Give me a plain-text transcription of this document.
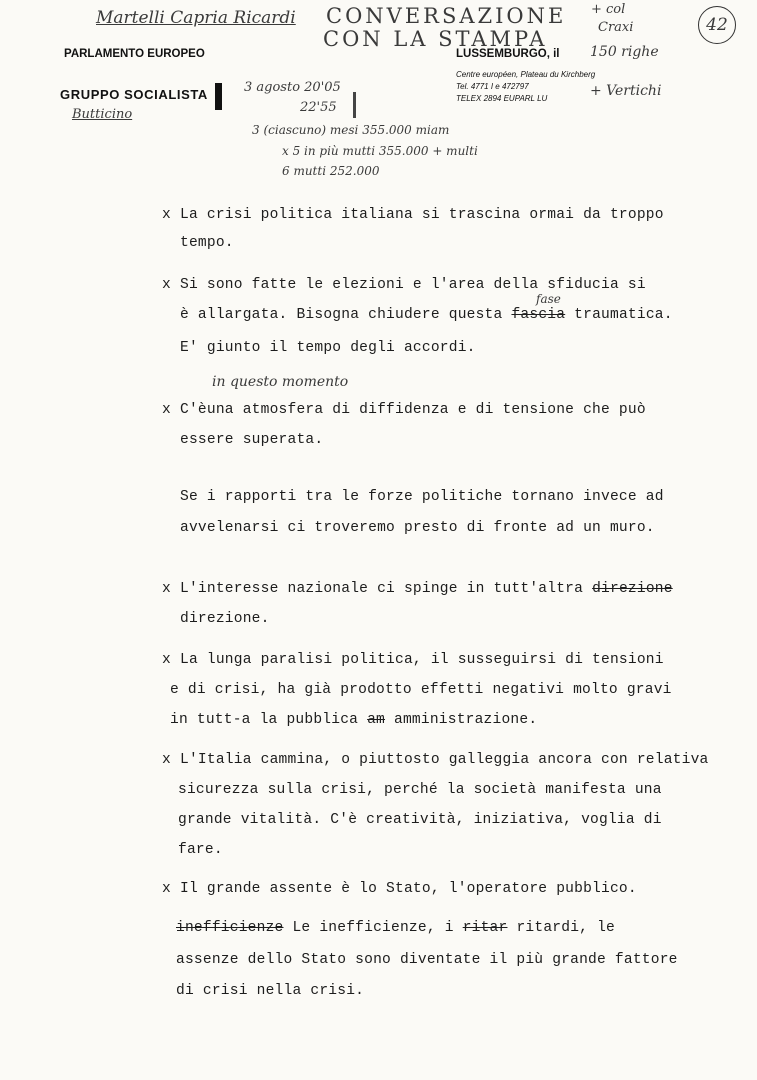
Martelli Capria Ricardi CONVERSAZIONE
CON LA STAMPA
+ col
Craxi
150 righe
42
PARLAMENTO EUROPEO
GRUPPO SOCIALISTA
LUSSEMBURGO, il
Centre européen, Plateau du Kirchberg
Tel. 4771 I e 472797
TELEX 2894 EUPARL LU	+ Vertichi
Butticino
3 agosto 20'05
22'55
3 (ciascuno) mesi 355.000 miam
x 5 in più mutti 355.000 + multi
6 mutti 252.000
x La crisi politica italiana si trascina ormai da troppo
tempo.
x Si sono fatte le elezioni e l'area della sfiducia si
fase
è allargata. Bisogna chiudere questa fascia traumatica.
E' giunto il tempo degli accordi.
in questo momento
x C'èuna atmosfera di diffidenza e di tensione che può
essere superata.
Se i rapporti tra le forze politiche tornano invece ad
avvelenarsi ci troveremo presto di fronte ad un muro.
x L'interesse nazionale ci spinge in tutt'altra direzione
direzione.
x La lunga paralisi politica, il susseguirsi di tensioni
e di crisi, ha già prodotto effetti negativi molto gravi
in tutt-a la pubblica am amministrazione.
x L'Italia cammina, o piuttosto galleggia ancora con relativa
sicurezza sulla crisi, perché la società manifesta una
grande vitalità. C'è creatività, iniziativa, voglia di
fare.
x Il grande assente è lo Stato, l'operatore pubblico.
inefficienze Le inefficienze, i ritar ritardi, le
assenze dello Stato sono diventate il più grande fattore
di crisi nella crisi.
